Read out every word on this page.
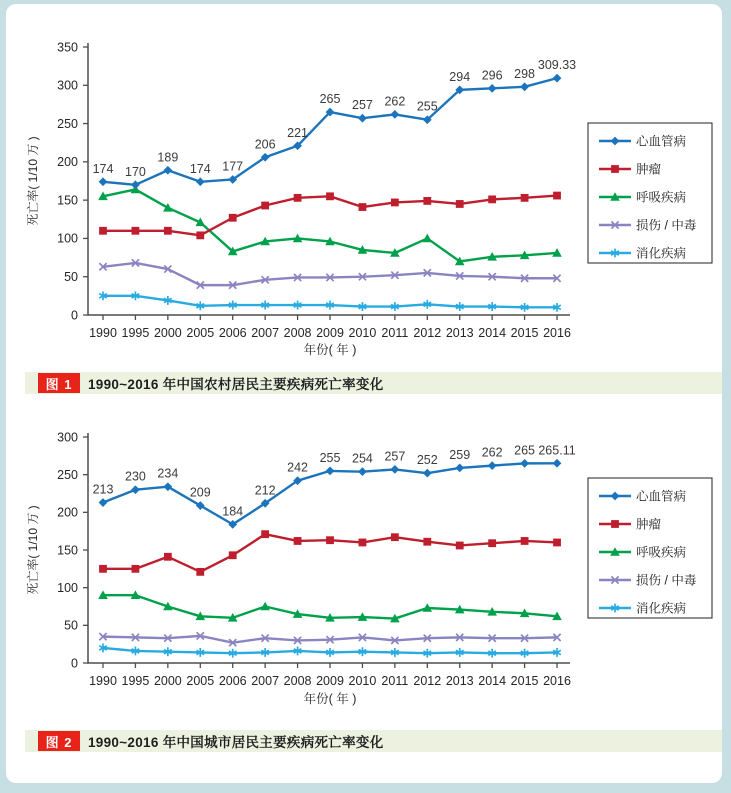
0
50
100
150
200
250
300
350
1990 1995 2000 2005 2006 2007 2008 2009 2010 2011 2012 2013 2014 2015 2016
年份( 年 )
死亡率( 1/10 万 )	174 170
189
174 177
206
221
265 257 262 255
294 296 298
309.33
心血管病
肿瘤
呼吸疾病
损伤 / 中毒
消化疾病
图 1	1990~2016 年中国农村居民主要疾病死亡率变化
0
50
100
150
200
250
300
1990 1995 2000 2005 2006 2007 2008 2009 2010 2011 2012 2013 2014 2015 2016
年份( 年 )
死亡率( 1/10 万 )
213
230 234
209
184
212
242
255 254 257 252 259 262 265 265.11
心血管病
肿瘤
呼吸疾病
损伤 / 中毒
消化疾病
图 2	1990~2016 年中国城市居民主要疾病死亡率变化
